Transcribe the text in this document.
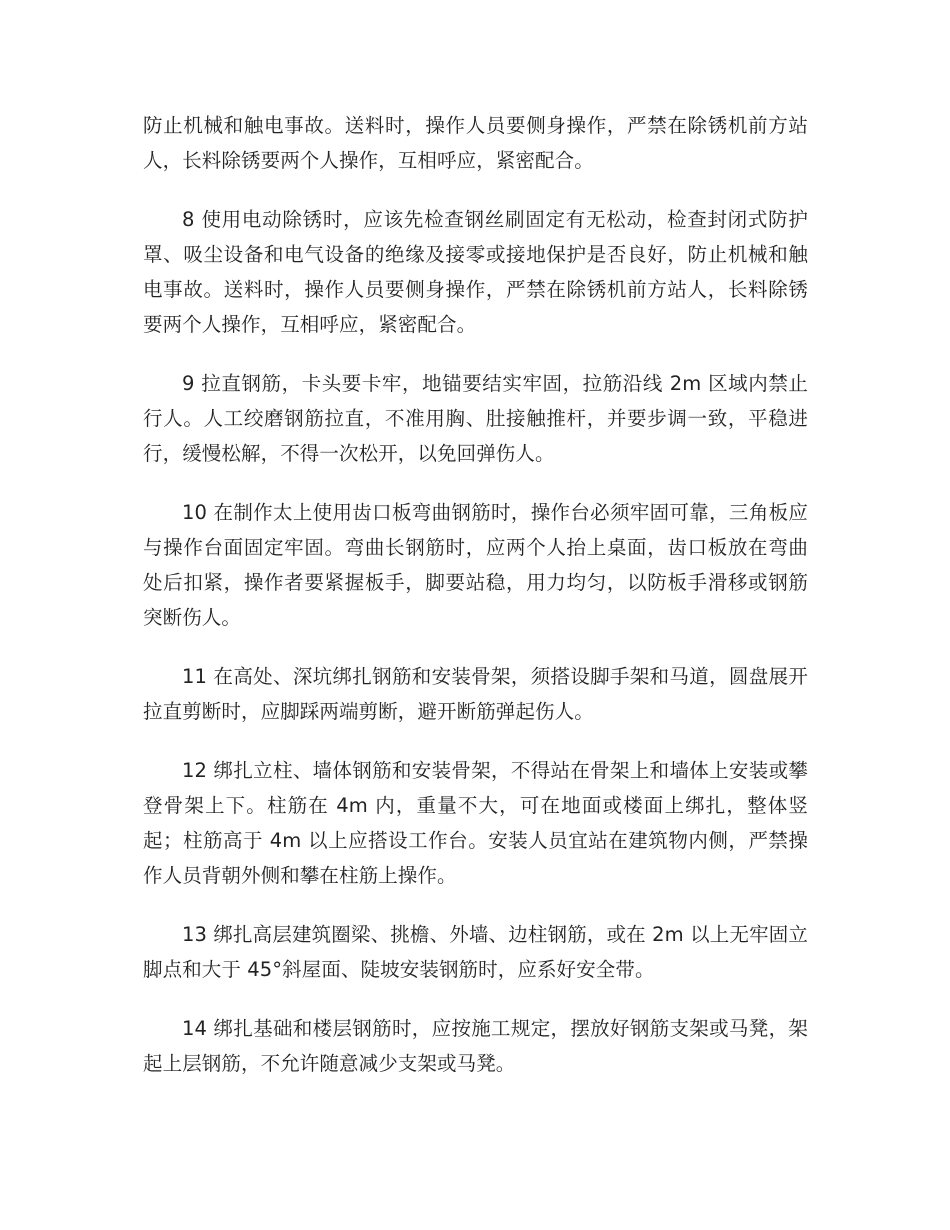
防止机械和触电事故。送料时，操作人员要侧身操作，严禁在除锈机前方站人，长料除锈要两个人操作，互相呼应，紧密配合。

8 使用电动除锈时，应该先检查钢丝刷固定有无松动，检查封闭式防护罩、吸尘设备和电气设备的绝缘及接零或接地保护是否良好，防止机械和触电事故。送料时，操作人员要侧身操作，严禁在除锈机前方站人，长料除锈要两个人操作，互相呼应，紧密配合。

9 拉直钢筋，卡头要卡牢，地锚要结实牢固，拉筋沿线 2m 区域内禁止行人。人工绞磨钢筋拉直，不准用胸、肚接触推杆，并要步调一致，平稳进行，缓慢松解，不得一次松开，以免回弹伤人。

10 在制作太上使用齿口板弯曲钢筋时，操作台必须牢固可靠，三角板应与操作台面固定牢固。弯曲长钢筋时，应两个人抬上桌面，齿口板放在弯曲处后扣紧，操作者要紧握板手，脚要站稳，用力均匀，以防板手滑移或钢筋突断伤人。

11 在高处、深坑绑扎钢筋和安装骨架，须搭设脚手架和马道，圆盘展开拉直剪断时，应脚踩两端剪断，避开断筋弹起伤人。

12 绑扎立柱、墙体钢筋和安装骨架，不得站在骨架上和墙体上安装或攀登骨架上下。柱筋在 4m 内，重量不大，可在地面或楼面上绑扎，整体竖起；柱筋高于 4m 以上应搭设工作台。安装人员宜站在建筑物内侧，严禁操作人员背朝外侧和攀在柱筋上操作。

13 绑扎高层建筑圈梁、挑檐、外墙、边柱钢筋，或在 2m 以上无牢固立脚点和大于 45°斜屋面、陡坡安装钢筋时，应系好安全带。

14 绑扎基础和楼层钢筋时，应按施工规定，摆放好钢筋支架或马凳，架起上层钢筋，不允许随意减少支架或马凳。
